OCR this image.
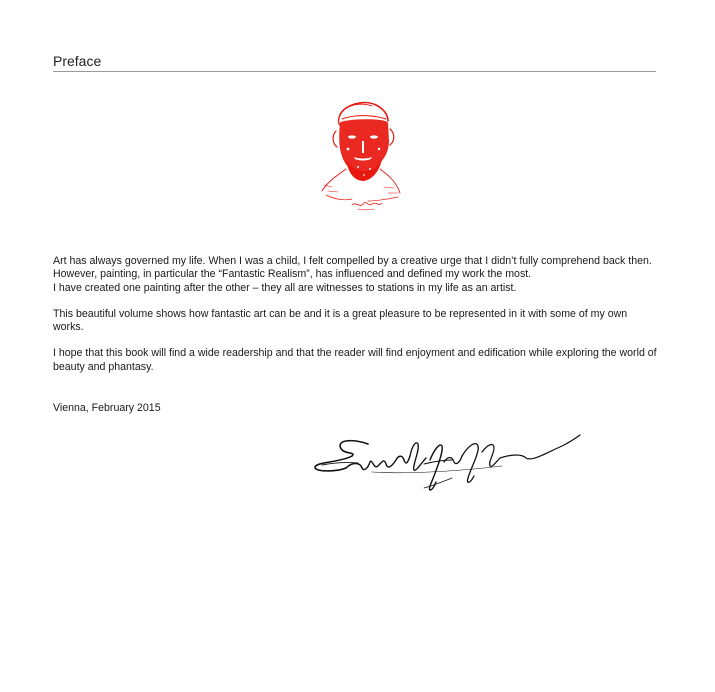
Preface

Art has always governed my life. When I was a child, I felt compelled by a creative urge that I didn’t fully comprehend back then. However, painting, in particular the “Fantastic Realism”, has influenced and defined my work the most.

I have created one painting after the other – they all are witnesses to stations in my life as an artist.

This beautiful volume shows how fantastic art can be and it is a great pleasure to be represented in it with some of my own works.

I hope that this book will find a wide readership and that the reader will find enjoyment and edification while exploring the world of beauty and phantasy.

Vienna, February 2015
